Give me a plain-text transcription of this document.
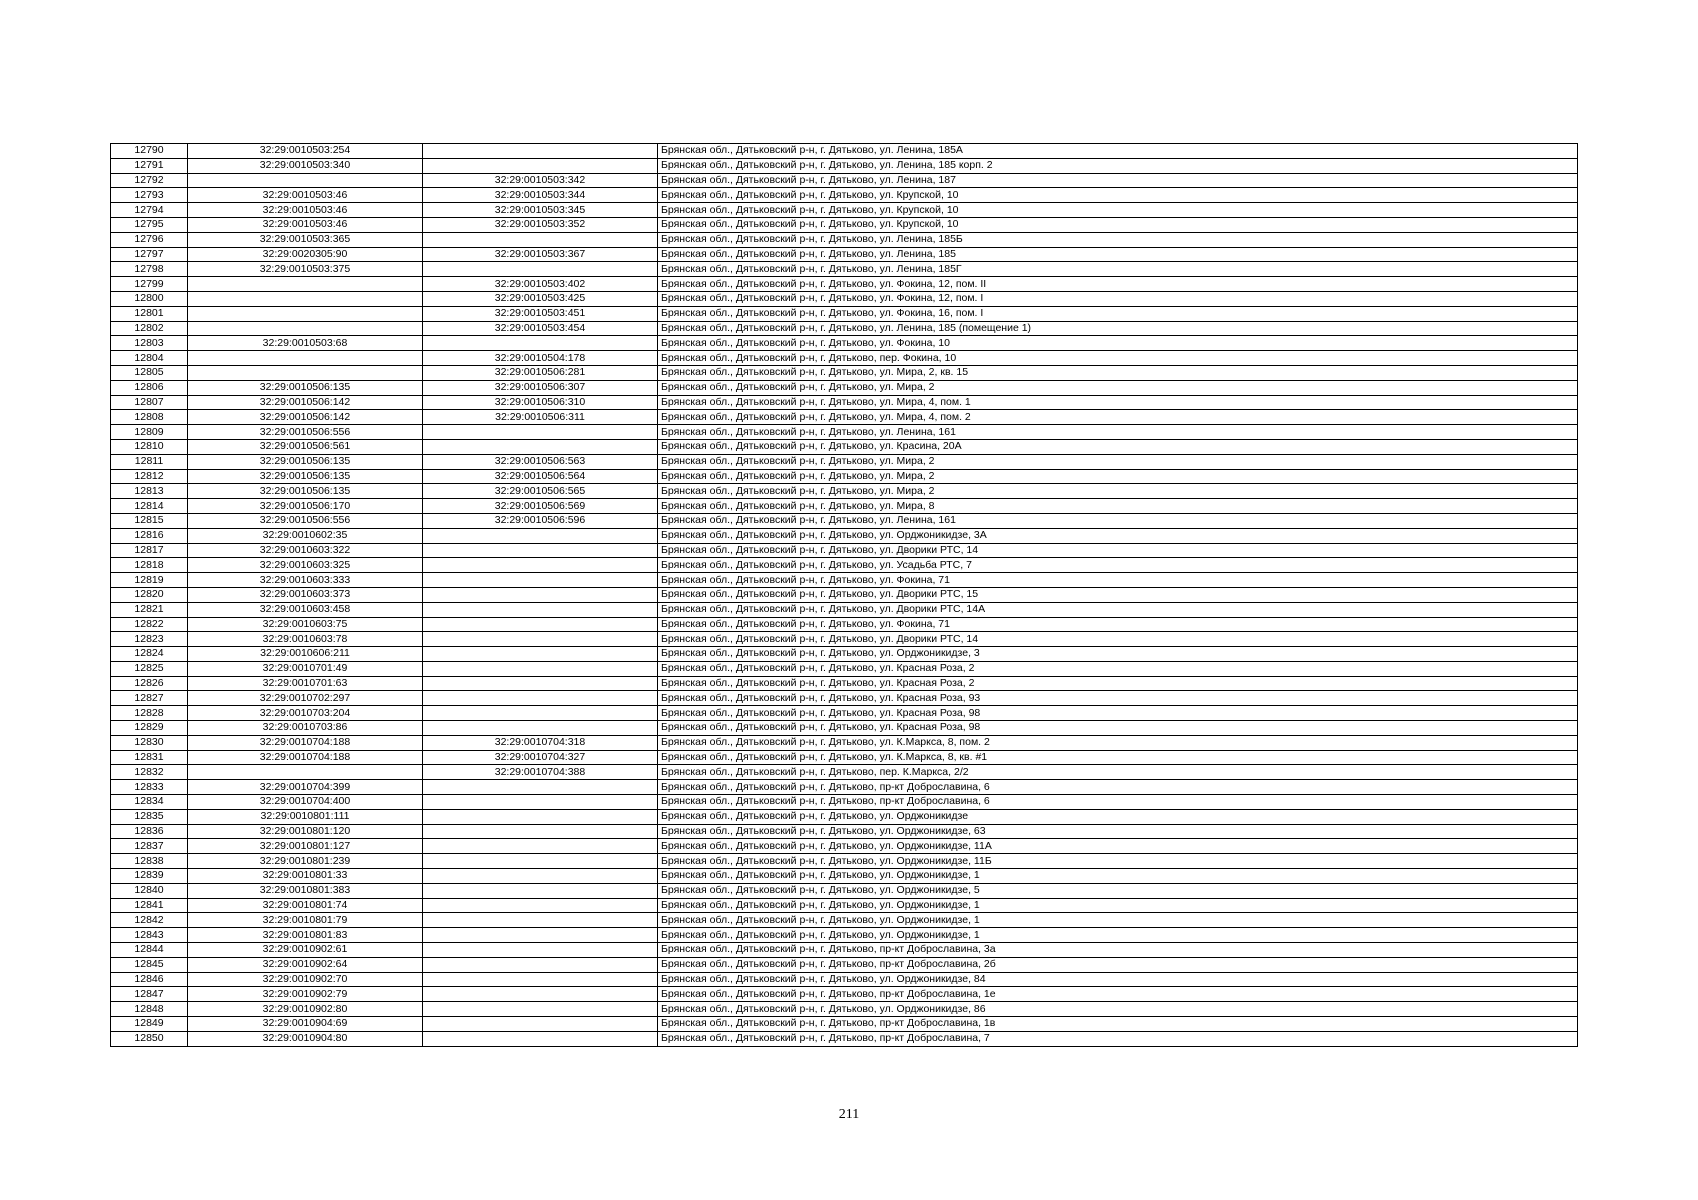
12790	32:29:0010503:254		Брянская обл., Дятьковский р-н, г. Дятьково, ул. Ленина, 185А
12791	32:29:0010503:340		Брянская обл., Дятьковский р-н, г. Дятьково, ул. Ленина, 185 корп. 2
12792		32:29:0010503:342	Брянская обл., Дятьковский р-н, г. Дятьково, ул. Ленина, 187
12793	32:29:0010503:46	32:29:0010503:344	Брянская обл., Дятьковский р-н, г. Дятьково, ул. Крупской, 10
12794	32:29:0010503:46	32:29:0010503:345	Брянская обл., Дятьковский р-н, г. Дятьково, ул. Крупской, 10
12795	32:29:0010503:46	32:29:0010503:352	Брянская обл., Дятьковский р-н, г. Дятьково, ул. Крупской, 10
12796	32:29:0010503:365		Брянская обл., Дятьковский р-н, г. Дятьково, ул. Ленина, 185Б
12797	32:29:0020305:90	32:29:0010503:367	Брянская обл., Дятьковский р-н, г. Дятьково, ул. Ленина, 185
12798	32:29:0010503:375		Брянская обл., Дятьковский р-н, г. Дятьково, ул. Ленина, 185Г
12799		32:29:0010503:402	Брянская обл., Дятьковский р-н, г. Дятьково, ул. Фокина, 12, пом. II
12800		32:29:0010503:425	Брянская обл., Дятьковский р-н, г. Дятьково, ул. Фокина, 12, пом. I
12801		32:29:0010503:451	Брянская обл., Дятьковский р-н, г. Дятьково, ул. Фокина, 16, пом. I
12802		32:29:0010503:454	Брянская обл., Дятьковский р-н, г. Дятьково, ул. Ленина, 185 (помещение 1)
12803	32:29:0010503:68		Брянская обл., Дятьковский р-н, г. Дятьково, ул. Фокина, 10
12804		32:29:0010504:178	Брянская обл., Дятьковский р-н, г. Дятьково, пер. Фокина, 10
12805		32:29:0010506:281	Брянская обл., Дятьковский р-н, г. Дятьково, ул. Мира, 2, кв. 15
12806	32:29:0010506:135	32:29:0010506:307	Брянская обл., Дятьковский р-н, г. Дятьково, ул. Мира, 2
12807	32:29:0010506:142	32:29:0010506:310	Брянская обл., Дятьковский р-н, г. Дятьково, ул. Мира, 4, пом. 1
12808	32:29:0010506:142	32:29:0010506:311	Брянская обл., Дятьковский р-н, г. Дятьково, ул. Мира, 4, пом. 2
12809	32:29:0010506:556		Брянская обл., Дятьковский р-н, г. Дятьково, ул. Ленина, 161
12810	32:29:0010506:561		Брянская обл., Дятьковский р-н, г. Дятьково, ул. Красина, 20А
12811	32:29:0010506:135	32:29:0010506:563	Брянская обл., Дятьковский р-н, г. Дятьково, ул. Мира, 2
12812	32:29:0010506:135	32:29:0010506:564	Брянская обл., Дятьковский р-н, г. Дятьково, ул. Мира, 2
12813	32:29:0010506:135	32:29:0010506:565	Брянская обл., Дятьковский р-н, г. Дятьково, ул. Мира, 2
12814	32:29:0010506:170	32:29:0010506:569	Брянская обл., Дятьковский р-н, г. Дятьково, ул. Мира, 8
12815	32:29:0010506:556	32:29:0010506:596	Брянская обл., Дятьковский р-н, г. Дятьково, ул. Ленина, 161
12816	32:29:0010602:35		Брянская обл., Дятьковский р-н, г. Дятьково, ул. Орджоникидзе, 3А
12817	32:29:0010603:322		Брянская обл., Дятьковский р-н, г. Дятьково, ул. Дворики РТС, 14
12818	32:29:0010603:325		Брянская обл., Дятьковский р-н, г. Дятьково, ул. Усадьба РТС, 7
12819	32:29:0010603:333		Брянская обл., Дятьковский р-н, г. Дятьково, ул. Фокина, 71
12820	32:29:0010603:373		Брянская обл., Дятьковский р-н, г. Дятьково, ул. Дворики РТС, 15
12821	32:29:0010603:458		Брянская обл., Дятьковский р-н, г. Дятьково, ул. Дворики РТС, 14А
12822	32:29:0010603:75		Брянская обл., Дятьковский р-н, г. Дятьково, ул. Фокина, 71
12823	32:29:0010603:78		Брянская обл., Дятьковский р-н, г. Дятьково, ул. Дворики РТС, 14
12824	32:29:0010606:211		Брянская обл., Дятьковский р-н, г. Дятьково, ул. Орджоникидзе, 3
12825	32:29:0010701:49		Брянская обл., Дятьковский р-н, г. Дятьково, ул. Красная Роза, 2
12826	32:29:0010701:63		Брянская обл., Дятьковский р-н, г. Дятьково, ул. Красная Роза, 2
12827	32:29:0010702:297		Брянская обл., Дятьковский р-н, г. Дятьково, ул. Красная Роза, 93
12828	32:29:0010703:204		Брянская обл., Дятьковский р-н, г. Дятьково, ул. Красная Роза, 98
12829	32:29:0010703:86		Брянская обл., Дятьковский р-н, г. Дятьково, ул. Красная Роза, 98
12830	32:29:0010704:188	32:29:0010704:318	Брянская обл., Дятьковский р-н, г. Дятьково, ул. К.Маркса, 8, пом. 2
12831	32:29:0010704:188	32:29:0010704:327	Брянская обл., Дятьковский р-н, г. Дятьково, ул. К.Маркса, 8, кв. #1
12832		32:29:0010704:388	Брянская обл., Дятьковский р-н, г. Дятьково, пер. К.Маркса, 2/2
12833	32:29:0010704:399		Брянская обл., Дятьковский р-н, г. Дятьково, пр-кт Доброславина, 6
12834	32:29:0010704:400		Брянская обл., Дятьковский р-н, г. Дятьково, пр-кт Доброславина, 6
12835	32:29:0010801:111		Брянская обл., Дятьковский р-н, г. Дятьково, ул. Орджоникидзе
12836	32:29:0010801:120		Брянская обл., Дятьковский р-н, г. Дятьково, ул. Орджоникидзе, 63
12837	32:29:0010801:127		Брянская обл., Дятьковский р-н, г. Дятьково, ул. Орджоникидзе, 11А
12838	32:29:0010801:239		Брянская обл., Дятьковский р-н, г. Дятьково, ул. Орджоникидзе, 11Б
12839	32:29:0010801:33		Брянская обл., Дятьковский р-н, г. Дятьково, ул. Орджоникидзе, 1
12840	32:29:0010801:383		Брянская обл., Дятьковский р-н, г. Дятьково, ул. Орджоникидзе, 5
12841	32:29:0010801:74		Брянская обл., Дятьковский р-н, г. Дятьково, ул. Орджоникидзе, 1
12842	32:29:0010801:79		Брянская обл., Дятьковский р-н, г. Дятьково, ул. Орджоникидзе, 1
12843	32:29:0010801:83		Брянская обл., Дятьковский р-н, г. Дятьково, ул. Орджоникидзе, 1
12844	32:29:0010902:61		Брянская обл., Дятьковский р-н, г. Дятьково, пр-кт Доброславина, 3а
12845	32:29:0010902:64		Брянская обл., Дятьковский р-н, г. Дятьково, пр-кт Доброславина, 2б
12846	32:29:0010902:70		Брянская обл., Дятьковский р-н, г. Дятьково, ул. Орджоникидзе, 84
12847	32:29:0010902:79		Брянская обл., Дятьковский р-н, г. Дятьково, пр-кт Доброславина, 1е
12848	32:29:0010902:80		Брянская обл., Дятьковский р-н, г. Дятьково, ул. Орджоникидзе, 86
12849	32:29:0010904:69		Брянская обл., Дятьковский р-н, г. Дятьково, пр-кт Доброславина, 1в
12850	32:29:0010904:80		Брянская обл., Дятьковский р-н, г. Дятьково, пр-кт Доброславина, 7
211
